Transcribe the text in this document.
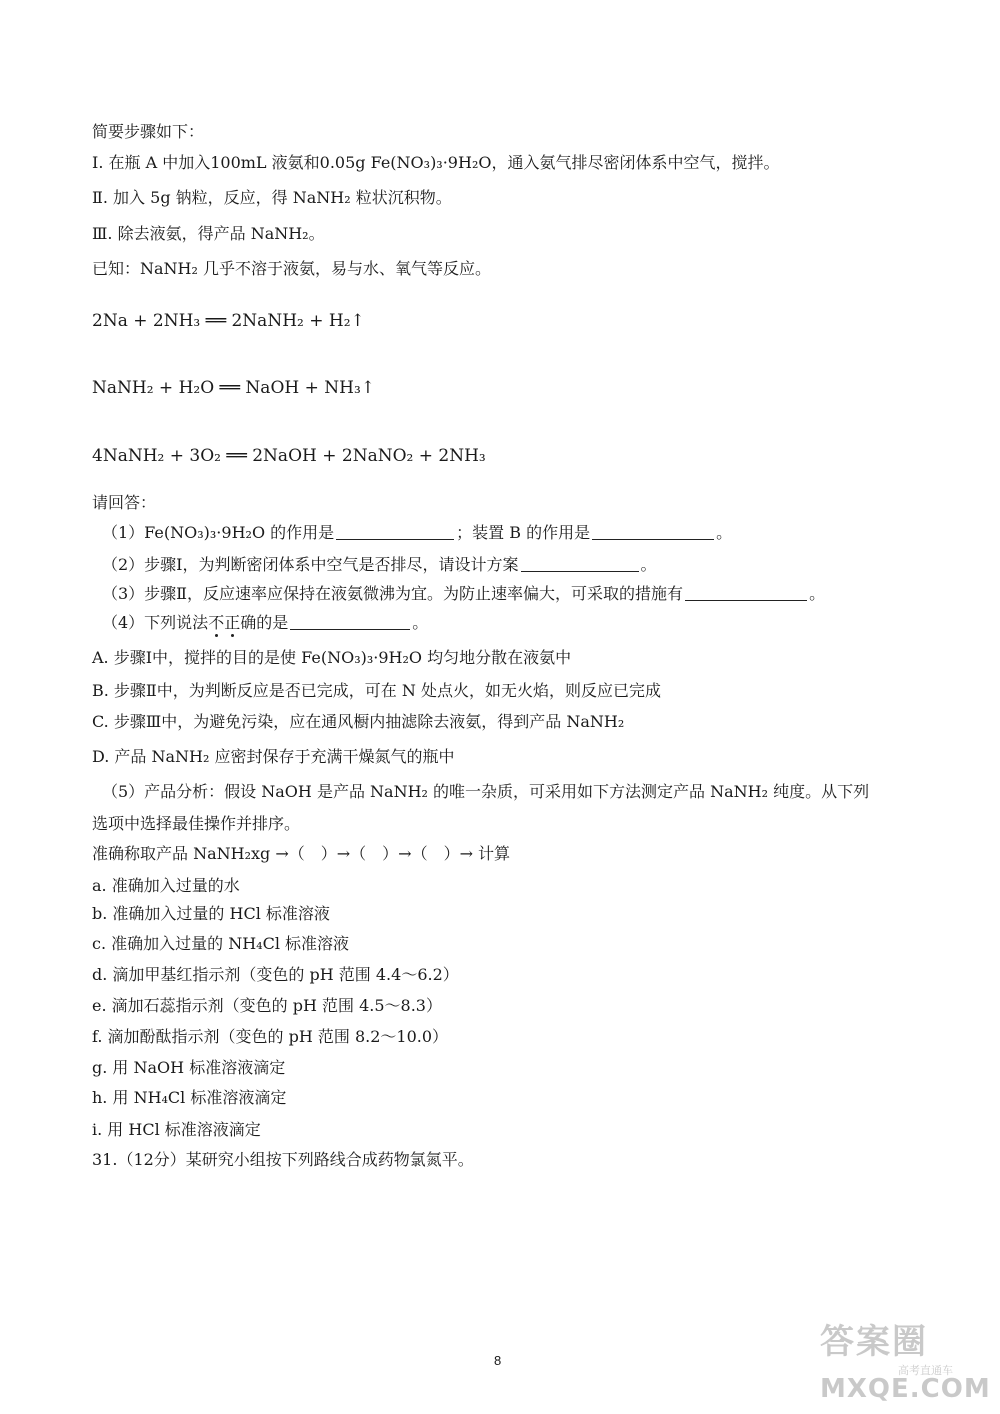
简要步骤如下：
Ⅰ. 在瓶 A 中加入100mL 液氨和0.05g Fe(NO₃)₃·9H₂O，通入氨气排尽密闭体系中空气，搅拌。
Ⅱ. 加入 5g 钠粒，反应，得 NaNH₂ 粒状沉积物。
Ⅲ. 除去液氨，得产品 NaNH₂。
已知：NaNH₂ 几乎不溶于液氨，易与水、氧气等反应。
2Na + 2NH₃ ══ 2NaNH₂ + H₂↑
NaNH₂ + H₂O ══ NaOH + NH₃↑
4NaNH₂ + 3O₂ ══ 2NaOH + 2NaNO₂ + 2NH₃
请回答：
（1）Fe(NO₃)₃·9H₂O 的作用是	；装置 B 的作用是	。
（2）步骤Ⅰ，为判断密闭体系中空气是否排尽，请设计方案	。
（3）步骤Ⅱ，反应速率应保持在液氨微沸为宜。为防止速率偏大，可采取的措施有	。
（4）下列说法不正确的是	。
A. 步骤Ⅰ中，搅拌的目的是使 Fe(NO₃)₃·9H₂O 均匀地分散在液氨中
B. 步骤Ⅱ中，为判断反应是否已完成，可在 N 处点火，如无火焰，则反应已完成
C. 步骤Ⅲ中，为避免污染，应在通风橱内抽滤除去液氨，得到产品 NaNH₂
D. 产品 NaNH₂ 应密封保存于充满干燥氮气的瓶中
（5）产品分析：假设 NaOH 是产品 NaNH₂ 的唯一杂质，可采用如下方法测定产品 NaNH₂ 纯度。从下列
选项中选择最佳操作并排序。
准确称取产品 NaNH₂xg →（　）→（　）→（　）→ 计算
a. 准确加入过量的水
b. 准确加入过量的 HCl 标准溶液
c. 准确加入过量的 NH₄Cl 标准溶液
d. 滴加甲基红指示剂（变色的 pH 范围 4.4～6.2）
e. 滴加石蕊指示剂（变色的 pH 范围 4.5～8.3）
f. 滴加酚酞指示剂（变色的 pH 范围 8.2～10.0）
g. 用 NaOH 标准溶液滴定
h. 用 NH₄Cl 标准溶液滴定
i. 用 HCl 标准溶液滴定
31.（12分）某研究小组按下列路线合成药物氯氮平。
8	答案圈
高考直通车
MXQE.COM
